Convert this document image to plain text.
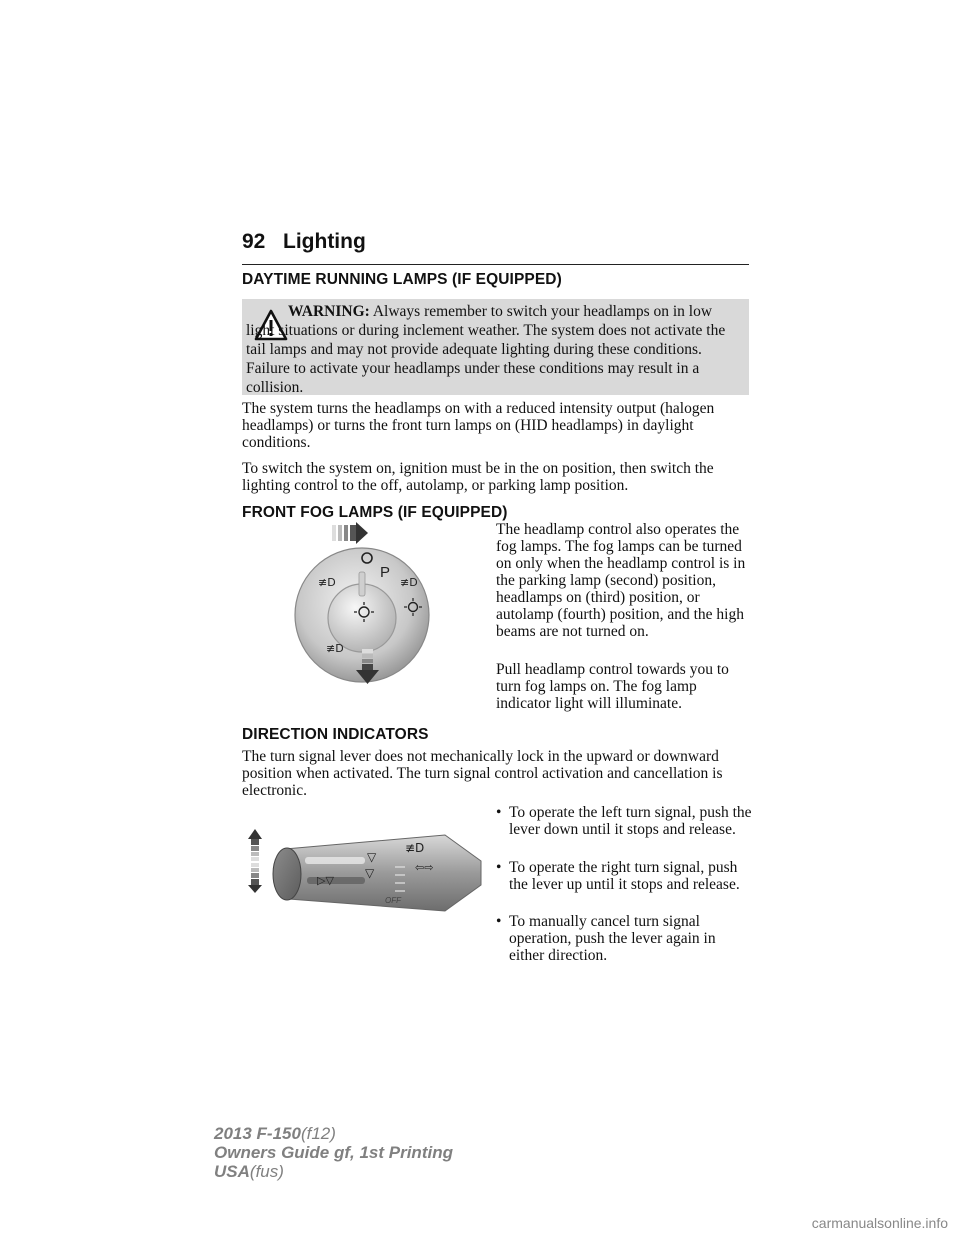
92 Lighting
DAYTIME RUNNING LAMPS (IF EQUIPPED)
WARNING: Always remember to switch your headlamps on in low light situations or during inclement weather. The system does not activate the tail lamps and may not provide adequate lighting during these conditions. Failure to activate your headlamps under these conditions may result in a collision.
The system turns the headlamps on with a reduced intensity output (halogen headlamps) or turns the front turn lamps on (HID headlamps) in daylight conditions.
To switch the system on, ignition must be in the on position, then switch the lighting control to the off, autolamp, or parking lamp position.
FRONT FOG LAMPS (IF EQUIPPED)
P
≢D	≢D
≢D
The headlamp control also operates the fog lamps. The fog lamps can be turned on only when the headlamp control is in the parking lamp (second) position, headlamps on (third) position, or autolamp (fourth) position, and the high beams are not turned on.
Pull headlamp control towards you to turn fog lamps on. The fog lamp indicator light will illuminate.
DIRECTION INDICATORS
The turn signal lever does not mechanically lock in the upward or downward position when activated. The turn signal control activation and cancellation is electronic.
▽
≢D
⇦⇨
▷▽
▽
OFF
• To operate the left turn signal, push the lever down until it stops and release.
• To operate the right turn signal, push the lever up until it stops and release.
• To manually cancel turn signal operation, push the lever again in either direction.
2013 F-150(f12)
Owners Guide gf, 1st Printing
USA(fus)
carmanualsonline.info
